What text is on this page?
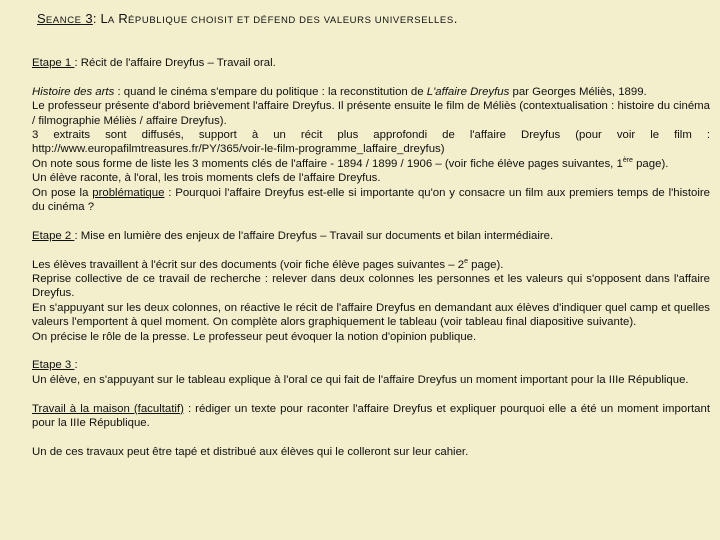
SEANCE 3: LA RÉPUBLIQUE CHOISIT ET DÉFEND DES VALEURS UNIVERSELLES.

Etape 1 : Récit de l'affaire Dreyfus – Travail oral.

Histoire des arts : quand le cinéma s'empare du politique : la reconstitution de L'affaire Dreyfus par Georges Méliès, 1899.

Le professeur présente d'abord brièvement l'affaire Dreyfus. Il présente ensuite le film de Méliès (contextualisation : histoire du cinéma / filmographie Méliès / affaire Dreyfus).

3 extraits sont diffusés, support à un récit plus approfondi de l'affaire Dreyfus (pour voir le film : http://www.europafilmtreasures.fr/PY/365/voir-le-film-programme_laffaire_dreyfus)

On note sous forme de liste les 3 moments clés de l'affaire - 1894 / 1899 / 1906 – (voir fiche élève pages suivantes, 1ère page).

Un élève raconte, à l'oral, les trois moments clefs de l'affaire Dreyfus.

On pose la problématique : Pourquoi l'affaire Dreyfus est-elle si importante qu'on y consacre un film aux premiers temps de l'histoire du cinéma ?

Etape 2 : Mise en lumière des enjeux de l'affaire Dreyfus – Travail sur documents et bilan intermédiaire.

Les élèves travaillent à l'écrit sur des documents (voir fiche élève pages suivantes – 2e page).

Reprise collective de ce travail de recherche : relever dans deux colonnes les personnes et les valeurs qui s'opposent dans l'affaire Dreyfus.

En s'appuyant sur les deux colonnes, on réactive le récit de l'affaire Dreyfus en demandant aux élèves d'indiquer quel camp et quelles valeurs l'emportent à quel moment. On complète alors graphiquement le tableau (voir tableau final diapositive suivante).

On précise le rôle de la presse. Le professeur peut évoquer la notion d'opinion publique.

Etape 3 :

Un élève, en s'appuyant sur le tableau explique à l'oral ce qui fait de l'affaire Dreyfus un moment important pour la IIIe République.

Travail à la maison (facultatif) : rédiger un texte pour raconter l'affaire Dreyfus et expliquer pourquoi elle a été un moment important pour la IIIe République.

Un de ces travaux peut être tapé et distribué aux élèves qui le colleront sur leur cahier.
